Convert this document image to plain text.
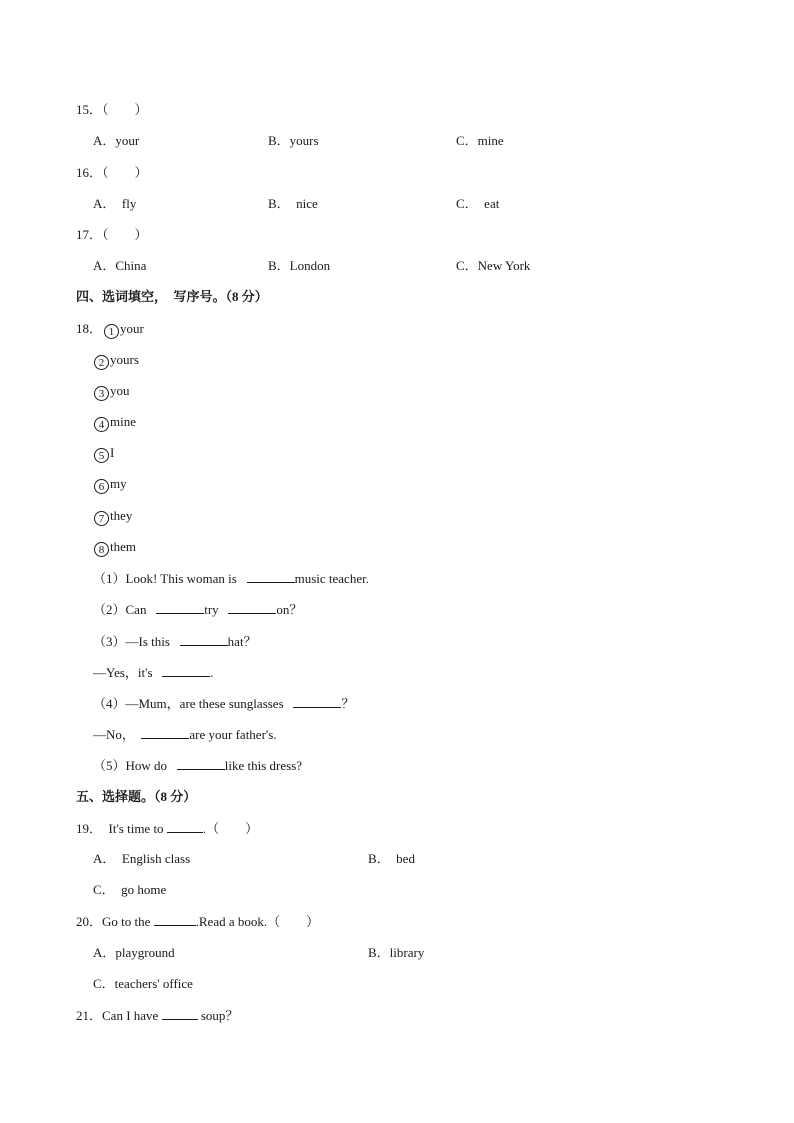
15．（        ）
A．your	B．yours	C．mine
16．（        ）
A．  fly	B．  nice	C．  eat
17．（        ）
A．China	B．London	C．New York
四、选词填空，  写序号。（8 分）
18． 1 your
2 yours
3 you
4 mine
5 I
6 my
7 they
8 them
（1）Look! This woman is	music teacher.
（2）Can	try	on？
（3）—Is this	hat？
—Yes，it's	.
（4）—Mum，are these sunglasses	？
—No，	are your father's.
（5）How do	like this dress?
五、选择题。（8 分）
19．  It's time to	.（        ）
A．  English class	B．  bed
C．  go home
20．Go to the	.Read a book.（        ）
A．playground	B．library
C．teachers' office
21．Can I have	soup？
